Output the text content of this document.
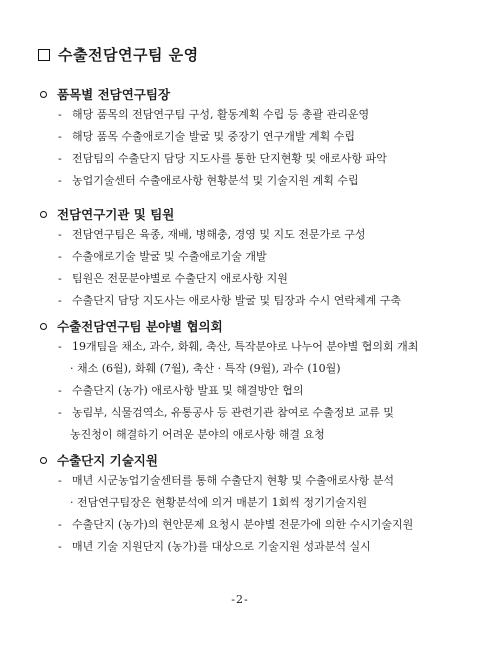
수출전담연구팀 운영
품목별 전담연구팀장
- 해당 품목의 전담연구팀 구성, 활동계획 수립 등 총괄 관리운영
- 해당 품목 수출애로기술 발굴 및 중장기 연구개발 계획 수립
- 전담팀의 수출단지 담당 지도사를 통한 단지현황 및 애로사항 파악
- 농업기술센터 수출애로사항 현황분석 및 기술지원 계획 수립
전담연구기관 및 팀원
- 전담연구팀은 육종, 재배, 병해충, 경영 및 지도 전문가로 구성
- 수출애로기술 발굴 및 수출애로기술 개발
- 팀원은 전문분야별로 수출단지 애로사항 지원
- 수출단지 담당 지도사는 애로사항 발굴 및 팀장과 수시 연락체계 구축
수출전담연구팀 분야별 협의회
- 19개팀을 채소, 과수, 화훼, 축산, 특작분야로 나누어 분야별 협의회 개최
· 채소 (6월), 화훼 (7월), 축산 · 특작 (9월), 과수 (10월)
- 수출단지 (농가) 애로사항 발표 및 해결방안 협의
- 농림부, 식물검역소, 유통공사 등 관련기관 참여로 수출정보 교류 및
농진청이 해결하기 어려운 분야의 애로사항 해결 요청
수출단지 기술지원
- 매년 시군농업기술센터를 통해 수출단지 현황 및 수출애로사항 분석
· 전담연구팀장은 현황분석에 의거 매분기 1회씩 정기기술지원
- 수출단지 (농가)의 현안문제 요청시 분야별 전문가에 의한 수시기술지원
- 매년 기술 지원단지 (농가)를 대상으로 기술지원 성과분석 실시
-2-
